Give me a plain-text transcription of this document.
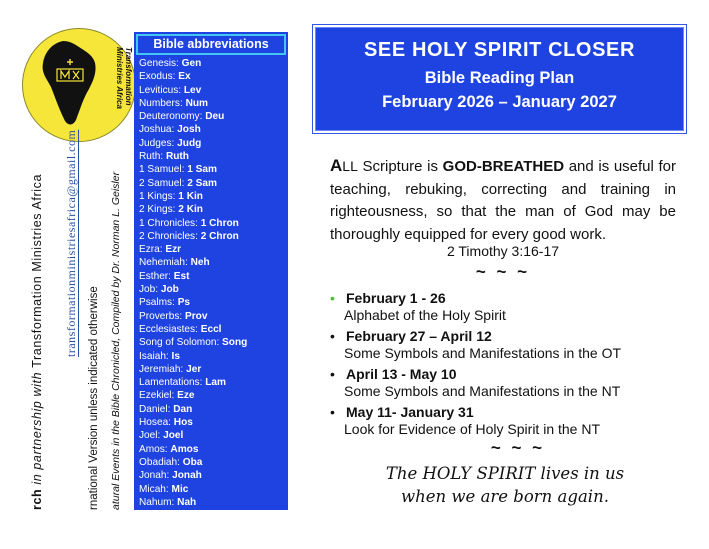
Transformation Ministries Africa
rch in partnership with Transformation Ministries Africa transformationministriesafrica@gmail.com
rnational Version unless indicated otherwise atural Events in the Bible Chronicled, Compiled by Dr. Norman L. Geisler
Bible abbreviations
Genesis: Gen
Exodus: Ex
Leviticus: Lev
Numbers: Num
Deuteronomy: Deu
Joshua: Josh
Judges: Judg
Ruth: Ruth
1 Samuel: 1 Sam
2 Samuel: 2 Sam
1 Kings: 1 Kin
2 Kings: 2 Kin
1 Chronicles: 1 Chron
2 Chronicles: 2 Chron
Ezra: Ezr
Nehemiah: Neh
Esther: Est
Job: Job
Psalms: Ps
Proverbs: Prov
Ecclesiastes: Eccl
Song of Solomon: Song
Isaiah: Is
Jeremiah: Jer
Lamentations: Lam
Ezekiel: Eze
Daniel: Dan
Hosea: Hos
Joel: Joel
Amos: Amos
Obadiah: Oba
Jonah: Jonah
Micah: Mic
Nahum: Nah
Habakkuk: Hab
Zephaniah: Zeph
Haggai: Hag
SEE HOLY SPIRIT CLOSER
Bible Reading Plan
February 2026 – January 2027
ALL Scripture is GOD-BREATHED and is useful for teaching, rebuking, correcting and training in righteousness, so that the man of God may be thoroughly equipped for every good work.
2 Timothy 3:16-17
~ ~ ~
• February 1 - 26
Alphabet of the Holy Spirit
• February 27 – April 12
Some Symbols and Manifestations in the OT
• April 13 - May 10
Some Symbols and Manifestations in the NT
• May 11- January 31
Look for Evidence of Holy Spirit in the NT
~ ~ ~
The HOLY SPIRIT lives in us
when we are born again.
